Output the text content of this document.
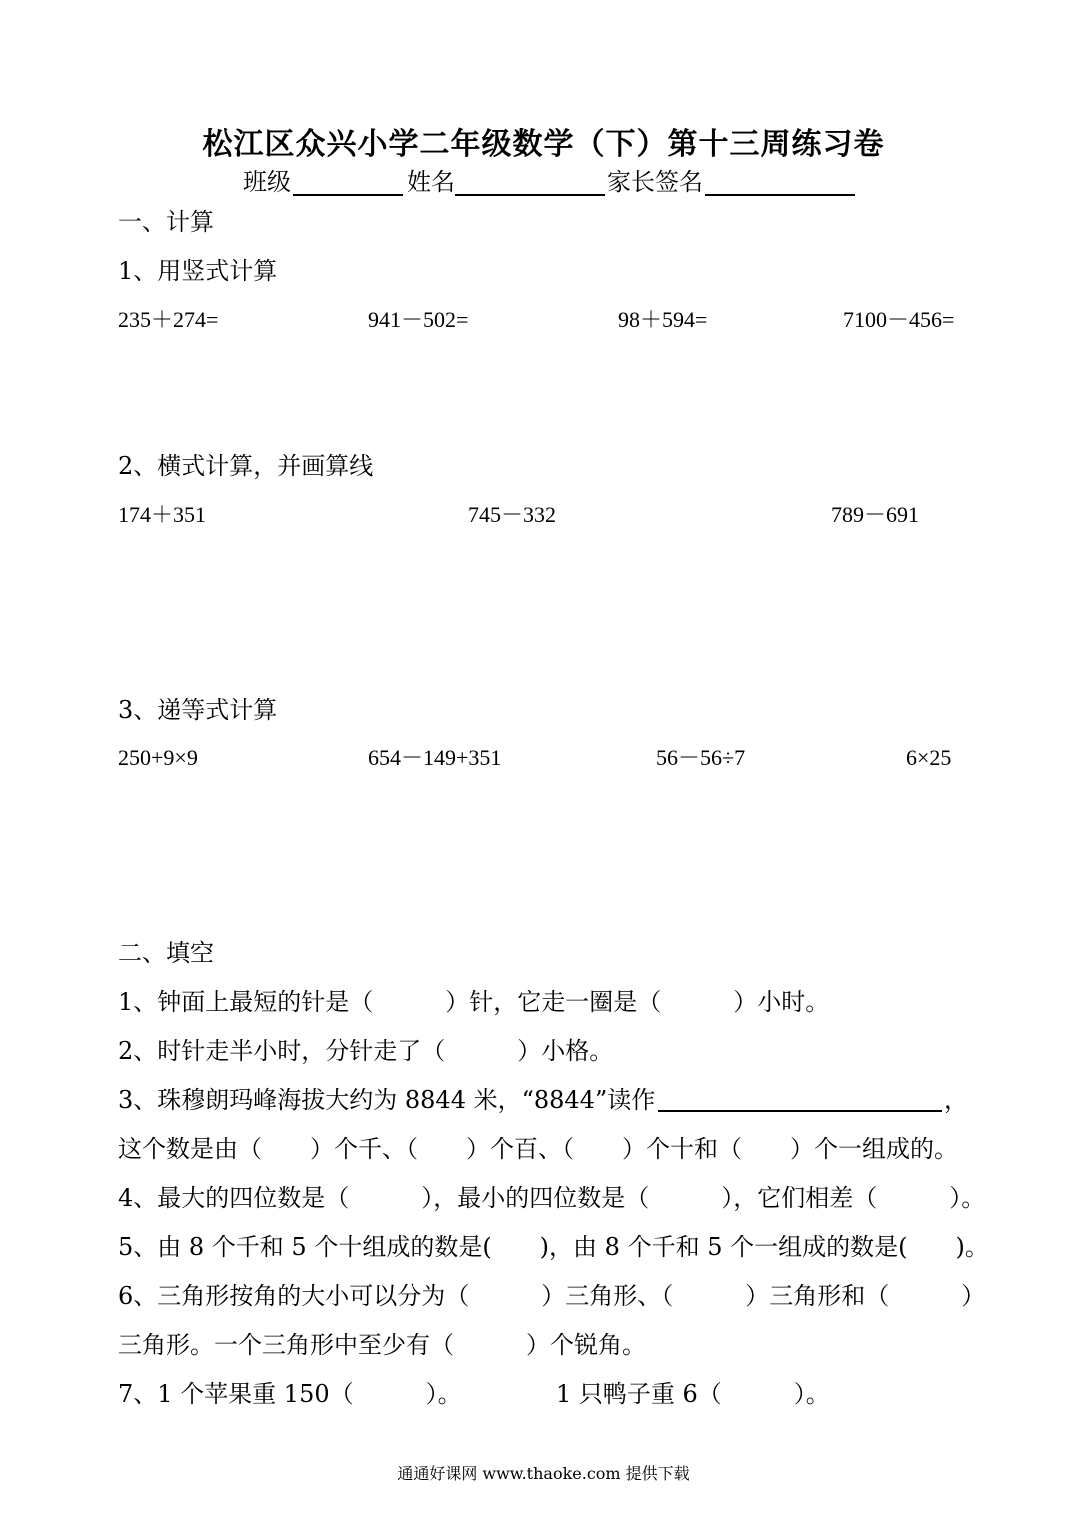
松江区众兴小学二年级数学（下）第十三周练习卷
班级	姓名	家长签名
一、计算
1、用竖式计算
235＋274=	941－502=	98＋594=	7100－456=
2、横式计算，并画算线
174＋351	745－332	789－691
3、递等式计算
250+9×9	654－149+351	56－56÷7	6×25
二、填空
1、钟面上最短的针是（　　　）针，它走一圈是（　　　）小时。
2、时针走半小时，分针走了（　　　）小格。
3、珠穆朗玛峰海拔大约为 8844 米，“8844”读作	，
这个数是由（　　）个千、（　　）个百、（　　）个十和（　　）个一组成的。
4、最大的四位数是（　　　），最小的四位数是（　　　），它们相差（　　　）。
5、由 8 个千和 5 个十组成的数是(　　)，由 8 个千和 5 个一组成的数是(　　)。
6、三角形按角的大小可以分为（　　　）三角形、（　　　）三角形和（　　　）
三角形。一个三角形中至少有（　　　）个锐角。
7、1 个苹果重 150（　　　）。	1 只鸭子重 6（　　　）。
通通好课网 www.thaoke.com 提供下载
